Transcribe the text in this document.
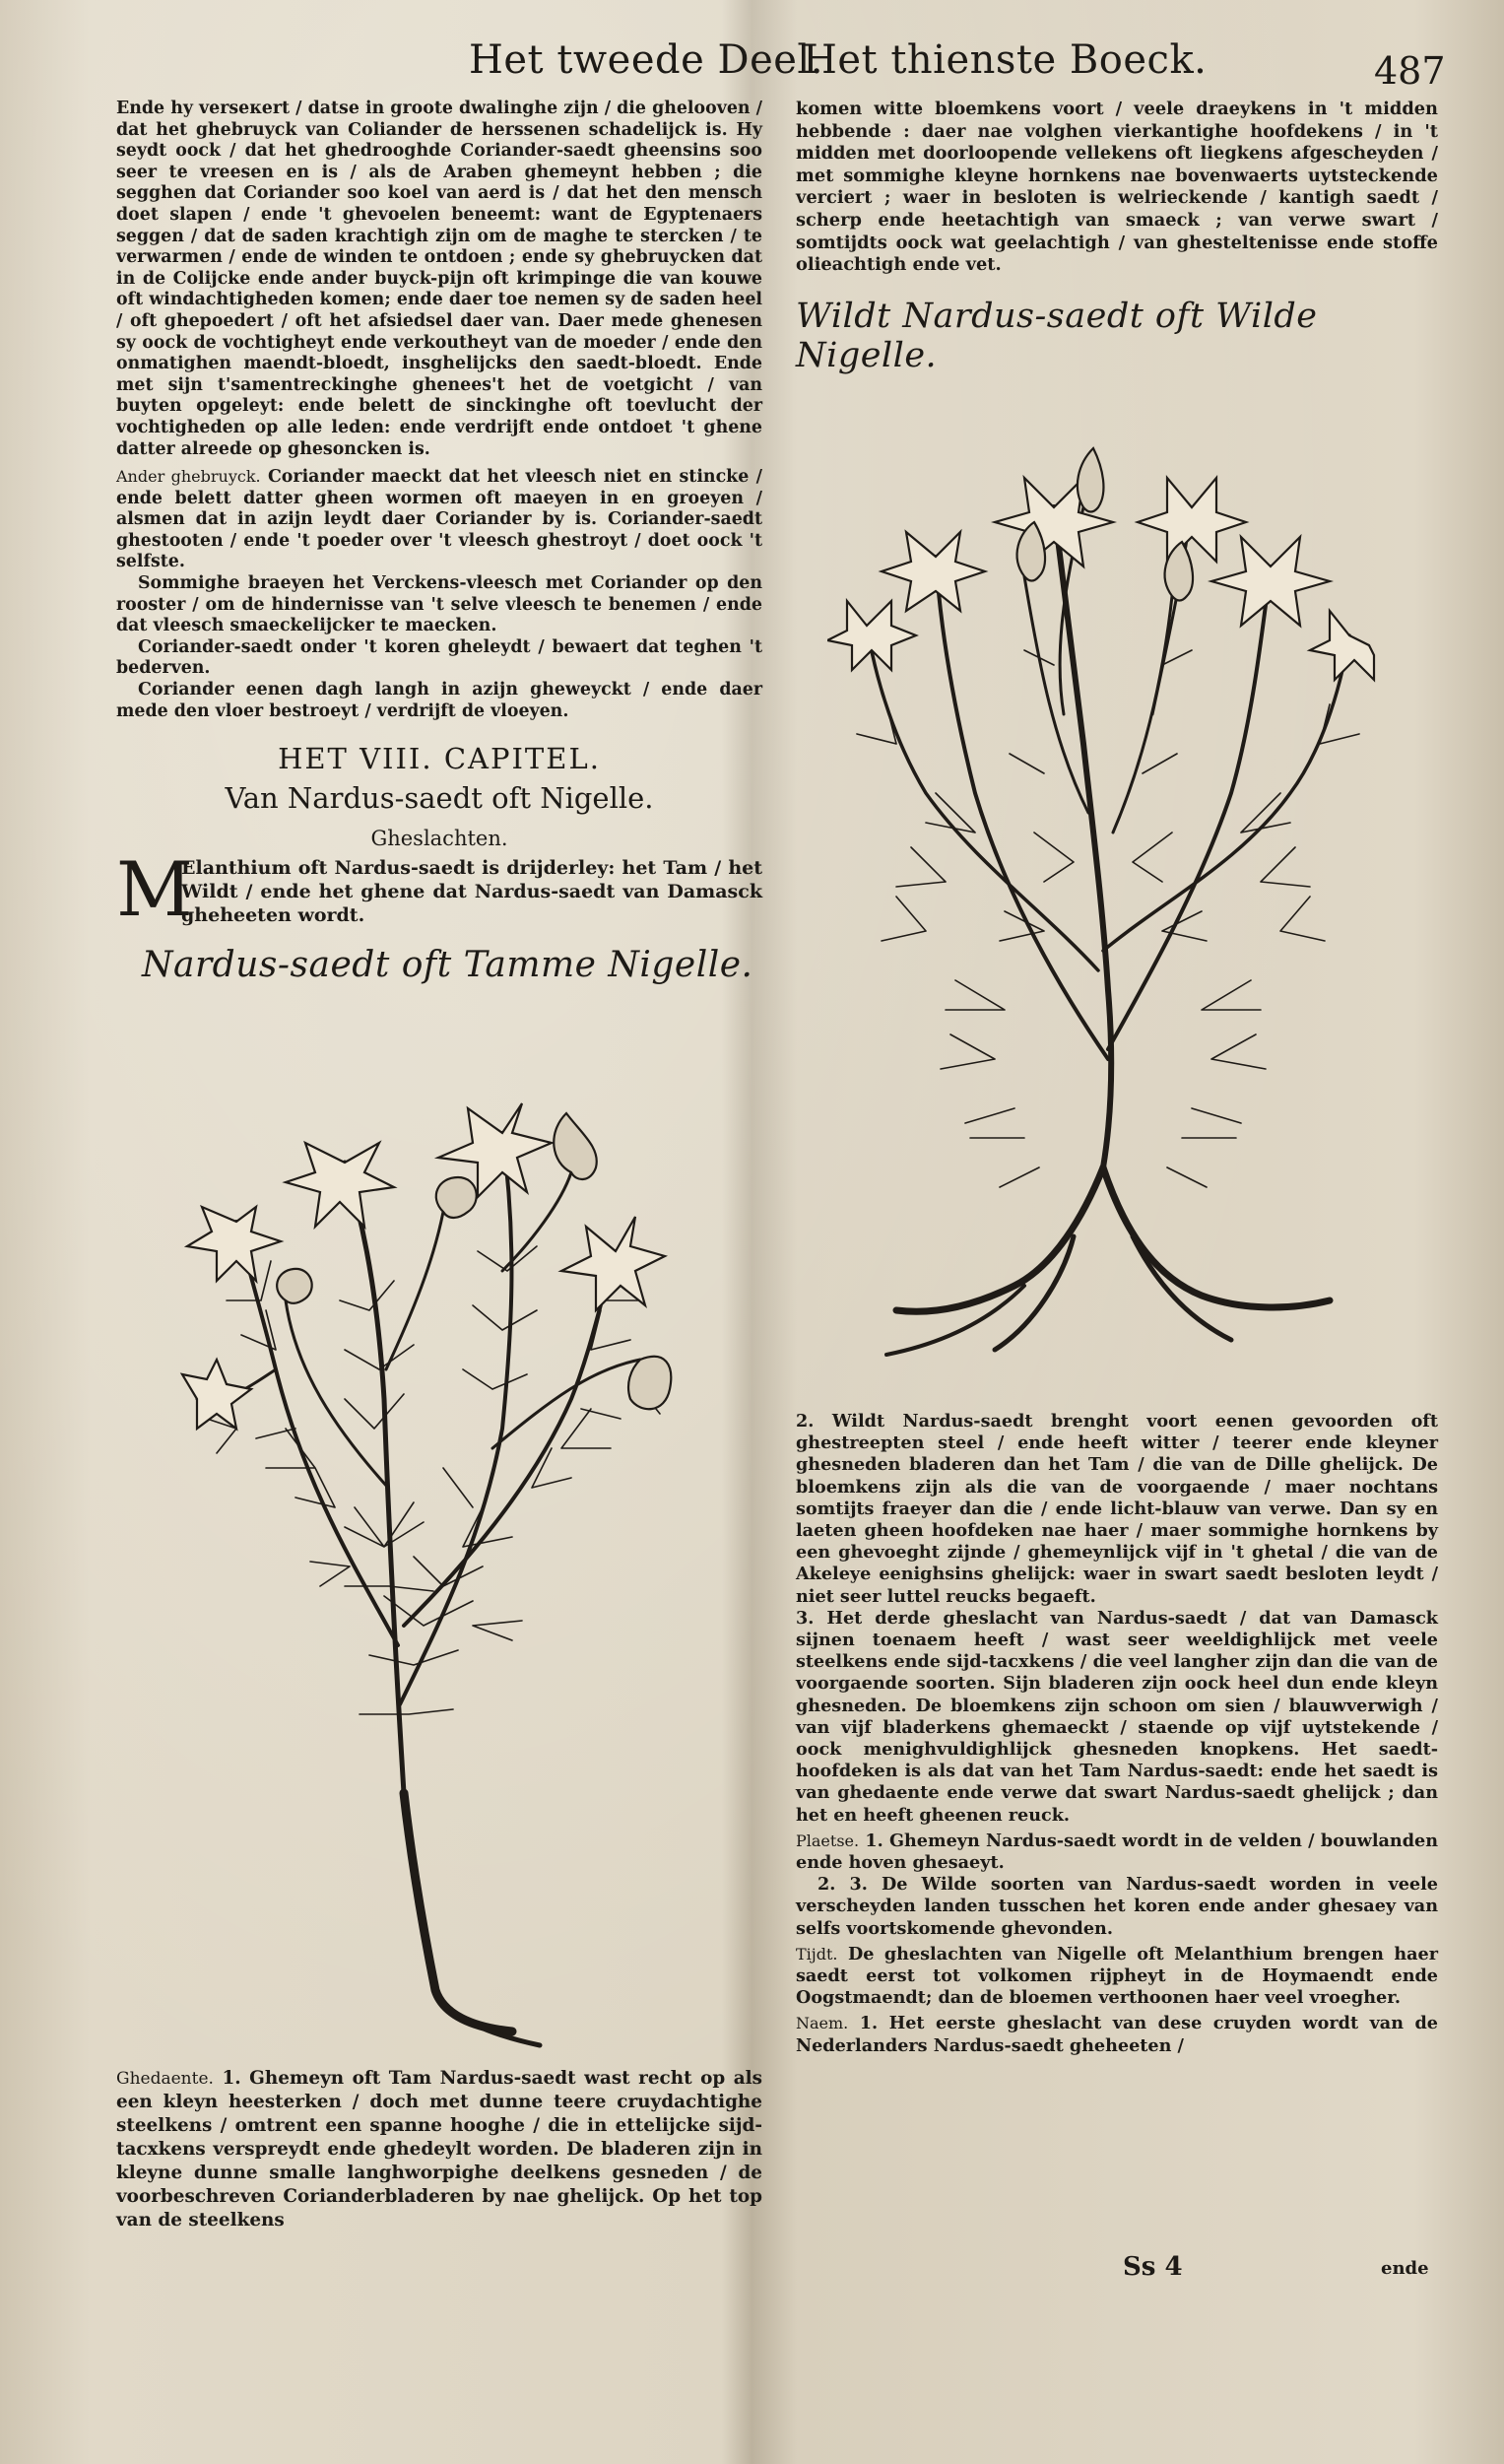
Het tweede Deel.
Het thienste Boeck.	487

Ende hy verseкert / datse in groote dwalinghe zijn / die ghelooven / dat het ghebruyck van Coliander de herssenen schadelijck is. Hy seydt oock / dat het ghedrooghde Coriander-saedt gheensins soo seer te vreesen en is / als de Araben ghemeynt hebben ; die segghen dat Coriander soo koel van aerd is / dat het den mensch doet slapen / ende 't ghevoelen beneemt: want de Egyptenaers seggen / dat de saden krachtigh zijn om de maghe te stercken / te verwarmen / ende de winden te ontdoen ; ende sy ghebruycken dat in de Colijcke ende ander buyck-pijn oft krimpinge die van kouwe oft windachtigheden komen; ende daer toe nemen sy de saden heel / oft ghepoedert / oft het afsiedsel daer van. Daer mede ghenesen sy oock de vochtigheyt ende verkoutheyt van de moeder / ende den onmatighen maendt-bloedt, insghelijcks den saedt-bloedt. Ende met sijn t'samentreckinghe ghenees't het de voetgicht / van buyten opgeleyt: ende belett de sinckinghe oft toevlucht der vochtigheden op alle leden: ende verdrijft ende ontdoet 't ghene datter alreede op ghesoncken is.

Ander ghebruyck. Coriander maeckt dat het vleesch niet en stincke / ende belett datter gheen wormen oft maeyen in en groeyen / alsmen dat in azijn leydt daer Coriander by is. Coriander-saedt ghestooten / ende 't poeder over 't vleesch ghestroyt / doet oock 't selfste.

Sommighe braeyen het Verckens-vleesch met Coriander op den rooster / om de hindernisse van 't selve vleesch te benemen / ende dat vleesch smaeckelijcker te maecken.

Coriander-saedt onder 't koren gheleydt / bewaert dat teghen 't bederven.

Coriander eenen dagh langh in azijn gheweyckt / ende daer mede den vloer bestroeyt / verdrijft de vloeyen.

HET VIII. CAPITEL.

Van Nardus-saedt oft Nigelle.

Gheslachten.

M

Elanthium oft Nardus-saedt is drijderley: het Tam / het Wildt / ende het ghene dat Nardus-saedt van Damasck gheheeten wordt.

Nardus-saedt oft Tamme Nigelle.

Ghedaente. 1. Ghemeyn oft Tam Nardus-saedt wast recht op als een kleyn heesterken / doch met dunne teere cruydachtighe steelkens / omtrent een spanne hooghe / die in ettelijcke sijd-tacxkens verspreydt ende ghedeylt worden. De bladeren zijn in kleyne dunne smalle langhworpighe deelkens gesneden / de voorbeschreven Corianderbladeren by nae ghelijck. Op het top van de steelkens

komen witte bloemkens voort / veele draeykens in 't midden hebbende : daer nae volghen vierkantighe hoofdekens / in 't midden met doorloopende vellekens oft liegkens afgescheyden / met sommighe kleyne hornkens nae bovenwaerts uytsteckende verciert ; waer in besloten is welrieckende / kantigh saedt / scherp ende heetachtigh van smaeck ; van verwe swart / somtijdts oock wat geelachtigh / van ghesteltenisse ende stoffe olieachtigh ende vet.

Wildt Nardus-saedt oft Wilde Nigelle.

2. Wildt Nardus-saedt brenght voort eenen gevoorden oft ghestreepten steel / ende heeft witter / teerer ende kleyner ghesneden bladeren dan het Tam / die van de Dille ghelijck. De bloemkens zijn als die van de voorgaende / maer nochtans somtijts fraeyer dan die / ende licht-blauw van verwe. Dan sy en laeten gheen hoofdeken nae haer / maer sommighe hornkens by een ghevoeght zijnde / ghemeynlijck vijf in 't ghetal / die van de Akeleye eenighsins ghelijck: waer in swart saedt besloten leydt / niet seer luttel reucks begaeft.

3. Het derde gheslacht van Nardus-saedt / dat van Damasck sijnen toenaem heeft / wast seer weeldighlijck met veele steelkens ende sijd-tacxkens / die veel langher zijn dan die van de voorgaende soorten. Sijn bladeren zijn oock heel dun ende kleyn ghesneden. De bloemkens zijn schoon om sien / blauwverwigh / van vijf bladerkens ghemaeckt / staende op vijf uytstekende / oock menighvuldighlijck ghesneden knopkens. Het saedt-hoofdeken is als dat van het Tam Nardus-saedt: ende het saedt is van ghedaente ende verwe dat swart Nardus-saedt ghelijck ; dan het en heeft gheenen reuck.

Plaetse. 1. Ghemeyn Nardus-saedt wordt in de velden / bouwlanden ende hoven ghesaeyt.

2. 3. De Wilde soorten van Nardus-saedt worden in veele verscheyden landen tusschen het koren ende ander ghesaey van selfs voortskomende ghevonden.

Tijdt. De gheslachten van Nigelle oft Melanthium brengen haer saedt eerst tot volkomen rijpheyt in de Hoymaendt ende Oogstmaendt; dan de bloemen verthoonen haer veel vroegher.

Naem. 1. Het eerste gheslacht van dese cruyden wordt van de Nederlanders Nardus-saedt gheheeten /

Ss 4	ende
